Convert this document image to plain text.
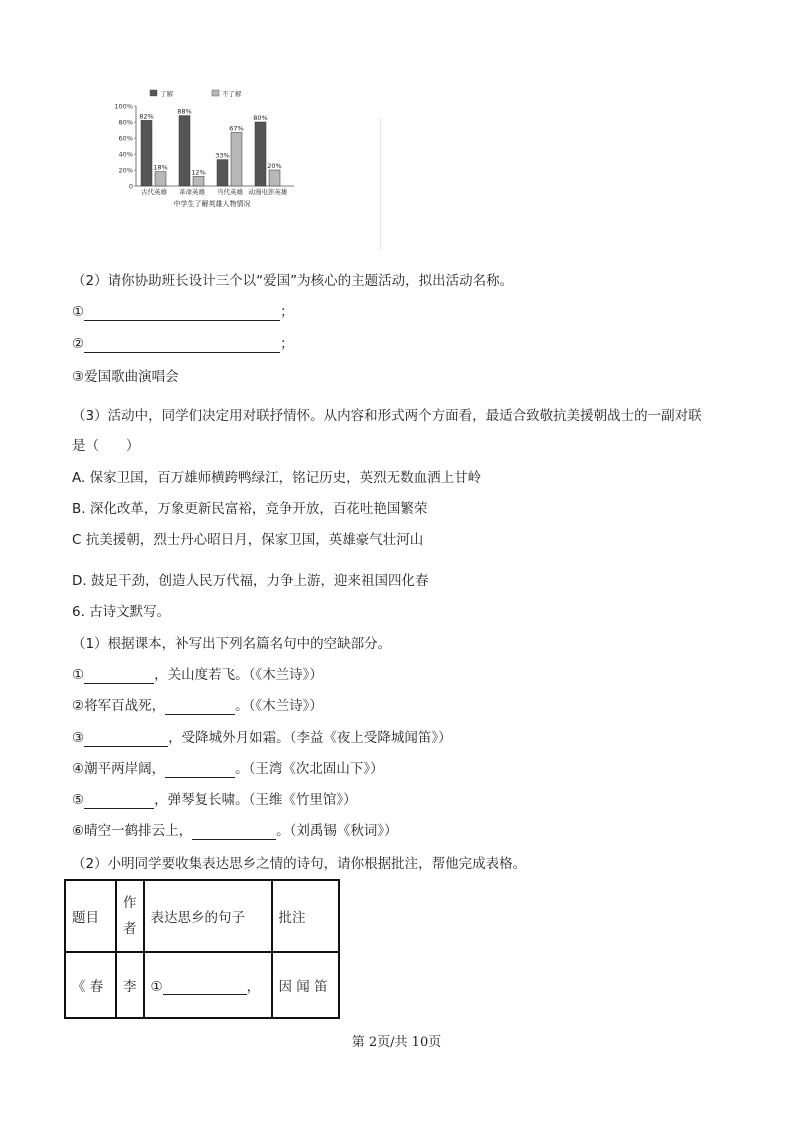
0
20%
40%
60%
80%
100%
了解	不了解
82%
18%
古代英雄
88%
12%
革命英雄
33%
67%
当代英雄
80%
20%
动漫电影英雄
中学生了解英雄人物情况
（2）请你协助班长设计三个以“爱国”为核心的主题活动，拟出活动名称。
①	；
②	；
③爱国歌曲演唱会
（3）活动中，同学们决定用对联抒情怀。从内容和形式两个方面看，最适合致敬抗美援朝战士的一副对联
是（　　）
A. 保家卫国，百万雄师横跨鸭绿江，铭记历史，英烈无数血洒上甘岭
B. 深化改革，万象更新民富裕，竞争开放，百花吐艳国繁荣
C 抗美援朝，烈士丹心昭日月，保家卫国，英雄豪气壮河山
D. 鼓足干劲，创造人民万代福，力争上游，迎来祖国四化春
6. 古诗文默写。
（1）根据课本，补写出下列名篇名句中的空缺部分。
①	，关山度若飞。（《木兰诗》）
②将军百战死，	。（《木兰诗》）
③	，受降城外月如霜。（李益《夜上受降城闻笛》）
④潮平两岸阔，	。（王湾《次北固山下》）
⑤	，弹琴复长啸。（王维《竹里馆》）
⑥晴空一鹤排云上，	。（刘禹锡《秋词》）
（2）小明同学要收集表达思乡之情的诗句，请你根据批注，帮他完成表格。
题目	作者	表达思乡的句子	批注
《 春	李	① ，	因 闻 笛
第 2页/共 10页
